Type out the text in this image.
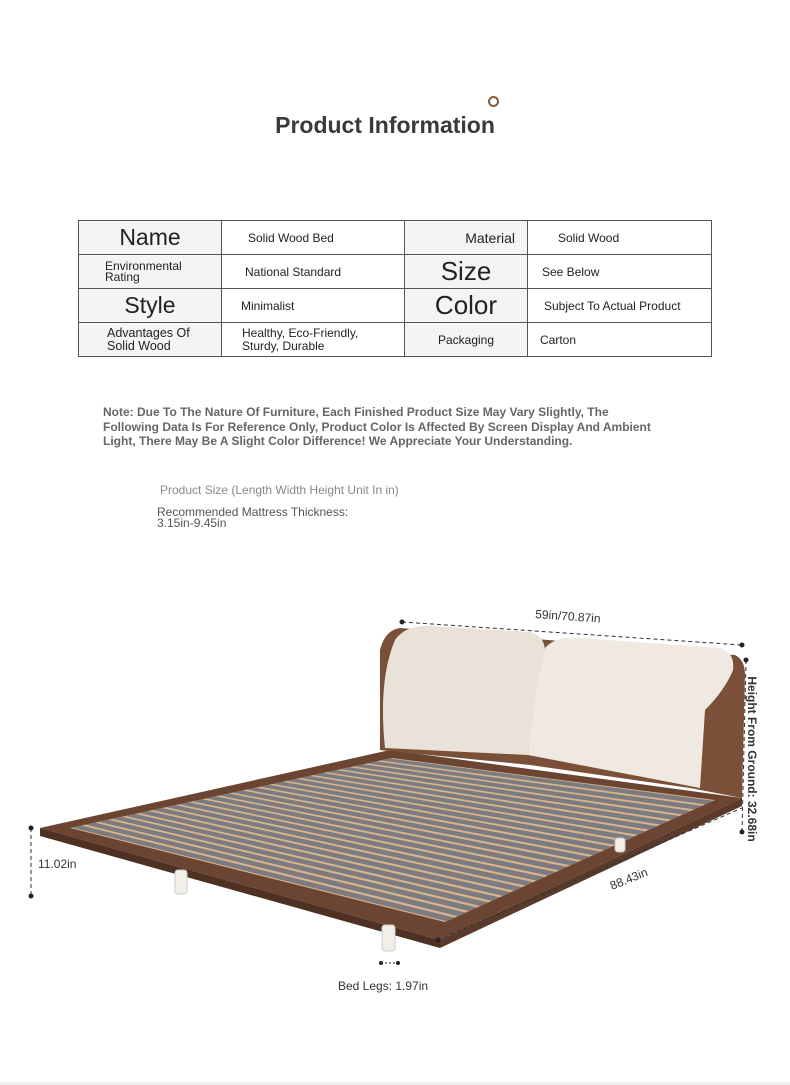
Product Information
Name	Solid Wood Bed	Material	Solid Wood
Environmental Rating	National Standard	Size	See Below
Style	Minimalist	Color	Subject To Actual Product
Advantages Of Solid Wood	Healthy, Eco-Friendly, Sturdy, Durable	Packaging	Carton
Note: Due To The Nature Of Furniture, Each Finished Product Size May Vary Slightly, The Following Data Is For Reference Only, Product Color Is Affected By Screen Display And Ambient Light, There May Be A Slight Color Difference! We Appreciate Your Understanding.
Product Size (Length Width Height Unit In in)
Recommended Mattress Thickness:
3.15in-9.45in
59in/70.87in
11.02in
88.43in
Bed Legs: 1.97in
Height From Ground: 32.68in
